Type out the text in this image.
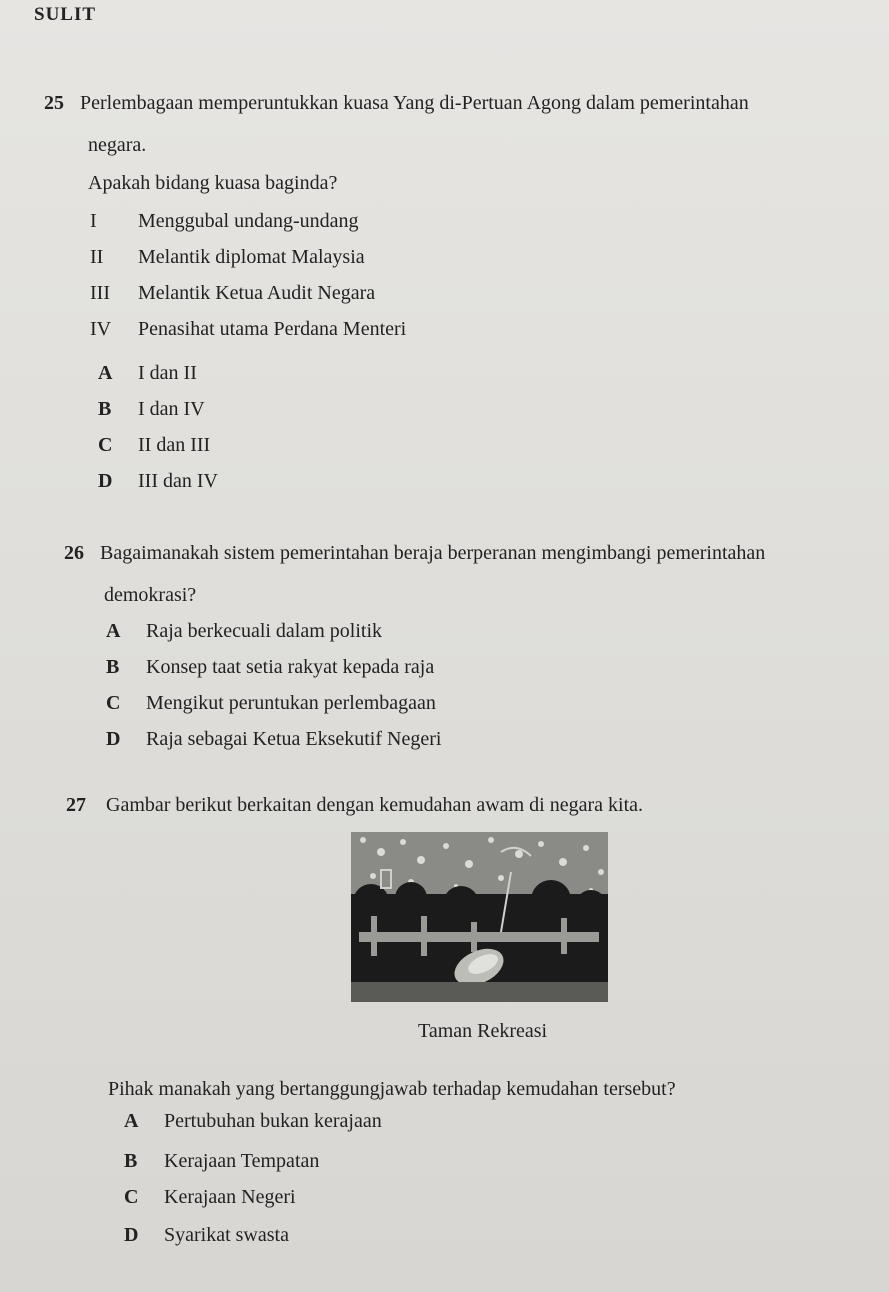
SULIT
25 Perlembagaan memperuntukkan kuasa Yang di-Pertuan Agong dalam pemerintahan
negara.
Apakah bidang kuasa baginda?
I	Menggubal undang-undang
II	Melantik diplomat Malaysia
III	Melantik Ketua Audit Negara
IV	Penasihat utama Perdana Menteri
A	I dan II
B	I dan IV
C	II dan III
D	III dan IV
26 Bagaimanakah sistem pemerintahan beraja berperanan mengimbangi pemerintahan
demokrasi?
A	Raja berkecuali dalam politik
B	Konsep taat setia rakyat kepada raja
C	Mengikut peruntukan perlembagaan
D	Raja sebagai Ketua Eksekutif Negeri
27 Gambar berikut berkaitan dengan kemudahan awam di negara kita.
Taman Rekreasi
Pihak manakah yang bertanggungjawab terhadap kemudahan tersebut?
A	Pertubuhan bukan kerajaan
B	Kerajaan Tempatan
C	Kerajaan Negeri
D	Syarikat swasta
